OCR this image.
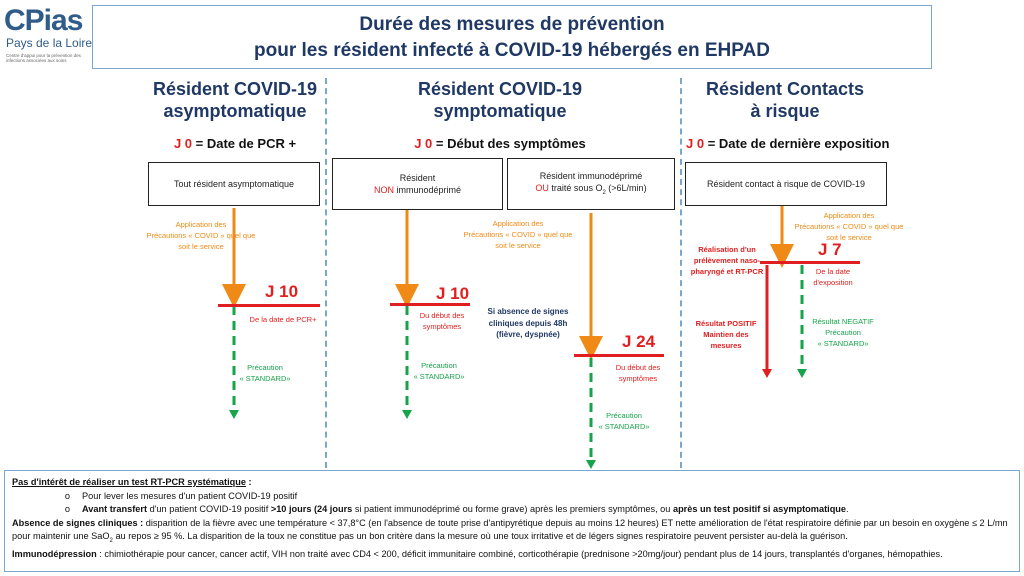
CPias
Pays de la Loire
Centre d'appui pour la prévention des infections associées aux soins
Durée des mesures de prévention
pour les résident infecté à COVID-19 hébergés en EHPAD
Résident COVID-19
asymptomatique
J 0 = Date de PCR +
Tout résident asymptomatique
Application des
Précautions « COVID » quel que
soit le service
J 10
De la date de PCR+
Précaution
« STANDARD»
Résident COVID-19
symptomatique
J 0 = Début des symptômes
Résident
NON immunodéprimé
Résident immunodéprimé
OU traité sous $O_2$ (>6L/min)
Application des
Précautions « COVID » quel que
soit le service
J 10
Du début des
symptômes
Précaution
« STANDARD»
Si absence de signes
cliniques depuis 48h
(fièvre, dyspnée)	J 24
Du début des
symptômes
Précaution
« STANDARD»
Résident Contacts
à risque
J 0 = Date de dernière exposition
Résident contact à risque de COVID-19
Application des
Précautions « COVID » quel que
soit le service
Réalisation d'un
prélèvement naso-
pharyngé et RT-PCR
J 7
De la date
d'exposition
Résultat POSITIF
Maintien des mesures
Résultat NEGATIF
Précaution
« STANDARD»
Pas d'intérêt de réaliser un test RT-PCR systématique :
o	Pour lever les mesures d'un patient COVID-19 positif
o	Avant transfert d'un patient COVID-19 positif >10 jours (24 jours si patient immunodéprimé ou forme grave) après les premiers symptômes, ou après un test positif si asymptomatique.
Absence de signes cliniques : disparition de la fièvre avec une température < 37,8°C (en l'absence de toute prise d'antipyrétique depuis au moins 12 heures) ET nette amélioration de l'état respiratoire définie par un besoin en oxygène ≤ 2 L/mn pour maintenir une SaO$_2$ au repos ≥ 95 %. La disparition de la toux ne constitue pas un bon critère dans la mesure où une toux irritative et de légers signes respiratoire peuvent persister au-delà la guérison.
Immunodépression : chimiothérapie pour cancer, cancer actif, VIH non traité avec CD4 < 200, déficit immunitaire combiné, corticothérapie (prednisone >20mg/jour) pendant plus de 14 jours, transplantés d'organes, hémopathies.
